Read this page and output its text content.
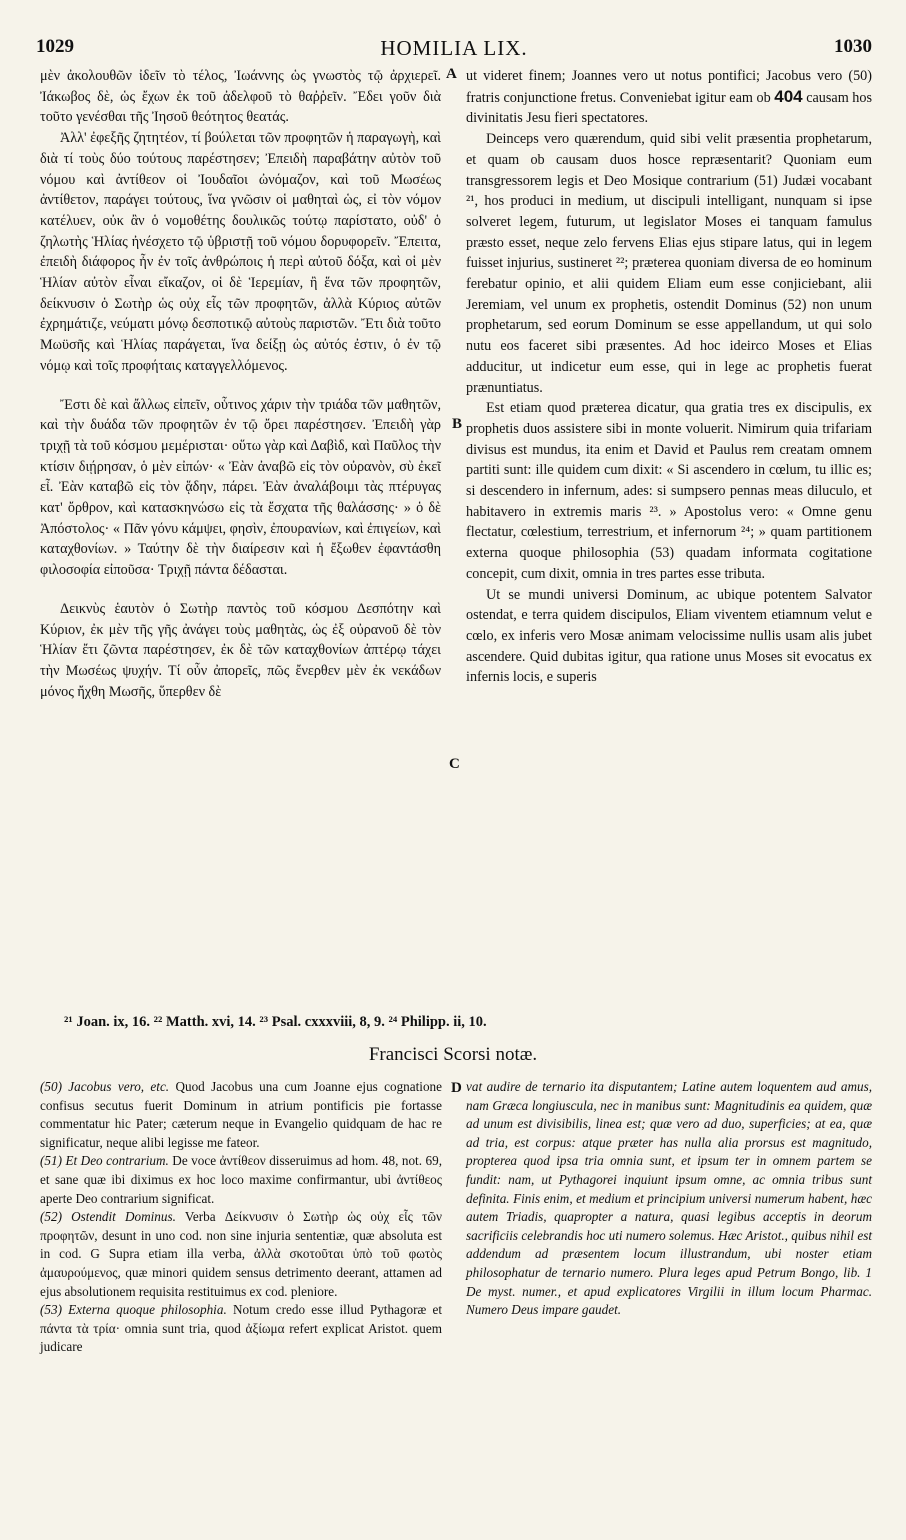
1029	HOMILIA LIX.	1030

μὲν ἀκολουθῶν ἰδεῖν τὸ τέλος, Ἰωάννης ὡς γνωστὸς τῷ ἀρχιερεῖ. Ἰάκωβος δὲ, ὡς ἔχων ἐκ τοῦ ἀδελφοῦ τὸ θαῤῥεῖν. Ἔδει γοῦν διὰ τοῦτο γενέσθαι τῆς Ἰησοῦ θεότητος θεατάς.

Ἀλλ' ἐφεξῆς ζητητέον, τί βούλεται τῶν προφητῶν ἡ παραγωγὴ, καὶ διὰ τί τοὺς δύο τούτους παρέστησεν; Ἐπειδὴ παραβάτην αὐτὸν τοῦ νόμου καὶ ἀντίθεον οἱ Ἰουδαῖοι ὠνόμαζον, καὶ τοῦ Μωσέως ἀντίθετον, παράγει τούτους, ἵνα γνῶσιν οἱ μαθηταὶ ὡς, εἰ τὸν νόμον κατέλυεν, οὐκ ἂν ὁ νομοθέτης δουλικῶς τούτῳ παρίστατο, οὐδ' ὁ ζηλωτὴς Ἡλίας ἠνέσχετο τῷ ὑβριστῇ τοῦ νόμου δορυφορεῖν. Ἔπειτα, ἐπειδὴ διάφορος ἦν ἐν τοῖς ἀνθρώποις ἡ περὶ αὐτοῦ δόξα, καὶ οἱ μὲν Ἡλίαν αὐτὸν εἶναι εἴκαζον, οἱ δὲ Ἱερεμίαν, ἢ ἕνα τῶν προφητῶν, δείκνυσιν ὁ Σωτὴρ ὡς οὐχ εἷς τῶν προφητῶν, ἀλλὰ Κύριος αὐτῶν ἐχρημάτιζε, νεύματι μόνῳ δεσποτικῷ αὐτοὺς παριστῶν. Ἔτι διὰ τοῦτο Μωϋσῆς καὶ Ἡλίας παράγεται, ἵνα δείξῃ ὡς αὐτός ἐστιν, ὁ ἐν τῷ νόμῳ καὶ τοῖς προφήταις καταγγελλόμενος.

Ἔστι δὲ καὶ ἄλλως εἰπεῖν, οὗτινος χάριν τὴν τριάδα τῶν μαθητῶν, καὶ τὴν δυάδα τῶν προφητῶν ἐν τῷ ὄρει παρέστησεν. Ἐπειδὴ γὰρ τριχῇ τὰ τοῦ κόσμου μεμέρισται· οὕτω γὰρ καὶ Δαβὶδ, καὶ Παῦλος τὴν κτίσιν διῄρησαν, ὁ μὲν εἰπών· « Ἐὰν ἀναβῶ εἰς τὸν οὐρανὸν, σὺ ἐκεῖ εἶ. Ἐὰν καταβῶ εἰς τὸν ᾅδην, πάρει. Ἐὰν ἀναλάβοιμι τὰς πτέρυγας κατ' ὄρθρον, καὶ κατασκηνώσω εἰς τὰ ἔσχατα τῆς θαλάσσης· » ὁ δὲ Ἀπόστολος· « Πᾶν γόνυ κάμψει, φησὶν, ἐπουρανίων, καὶ ἐπιγείων, καὶ καταχθονίων. » Ταύτην δὲ τὴν διαίρεσιν καὶ ἡ ἔξωθεν ἐφαντάσθη φιλοσοφία εἰποῦσα· Τριχῇ πάντα δέδασται.

Δεικνὺς ἑαυτὸν ὁ Σωτὴρ παντὸς τοῦ κόσμου Δεσπότην καὶ Κύριον, ἐκ μὲν τῆς γῆς ἀνάγει τοὺς μαθητὰς, ὡς ἐξ οὐρανοῦ δὲ τὸν Ἡλίαν ἔτι ζῶντα παρέστησεν, ἐκ δὲ τῶν καταχθονίων ἀπτέρῳ τάχει τὴν Μωσέως ψυχήν. Τί οὖν ἀπορεῖς, πῶς ἔνερθεν μὲν ἐκ νεκάδων μόνος ἤχθη Μωσῆς, ὕπερθεν δὲ

A
B
C
D

ut videret finem; Joannes vero ut notus pontifici; Jacobus vero (50) fratris conjunctione fretus. Conveniebat igitur eam ob 404 causam hos divinitatis Jesu fieri spectatores.

Deinceps vero quærendum, quid sibi velit præsentia prophetarum, et quam ob causam duos hosce repræsentarit? Quoniam eum transgressorem legis et Deo Mosique contrarium (51) Judæi vocabant ²¹, hos produci in medium, ut discipuli intelligant, nunquam si ipse solveret legem, futurum, ut legislator Moses ei tanquam famulus præsto esset, neque zelo fervens Elias ejus stipare latus, qui in legem fuisset injurius, sustineret ²²; præterea quoniam diversa de eo hominum ferebatur opinio, et alii quidem Eliam eum esse conjiciebant, alii Jeremiam, vel unum ex prophetis, ostendit Dominus (52) non unum prophetarum, sed eorum Dominum se esse appellandum, ut qui solo nutu eos faceret sibi præsentes. Ad hoc ideirco Moses et Elias adducitur, ut indicetur eum esse, qui in lege ac prophetis fuerat prænuntiatus.

Est etiam quod præterea dicatur, qua gratia tres ex discipulis, ex prophetis duos assistere sibi in monte voluerit. Nimirum quia trifariam divisus est mundus, ita enim et David et Paulus rem creatam omnem partiti sunt: ille quidem cum dixit: « Si ascendero in cœlum, tu illic es; si descendero in infernum, ades: si sumpsero pennas meas diluculo, et habitavero in extremis maris ²³. » Apostolus vero: « Omne genu flectatur, cœlestium, terrestrium, et infernorum ²⁴; » quam partitionem externa quoque philosophia (53) quadam informata cogitatione concepit, cum dixit, omnia in tres partes esse tributa.

Ut se mundi universi Dominum, ac ubique potentem Salvator ostendat, e terra quidem discipulos, Eliam viventem etiamnum velut e cœlo, ex inferis vero Mosæ animam velocissime nullis usam alis jubet ascendere. Quid dubitas igitur, qua ratione unus Moses sit evocatus ex infernis locis, e superis

²¹ Joan. ix, 16. ²² Matth. xvi, 14. ²³ Psal. cxxxviii, 8, 9. ²⁴ Philipp. ii, 10.
Francisci Scorsi notæ.

(50) Jacobus vero, etc. Quod Jacobus una cum Joanne ejus cognatione confisus secutus fuerit Dominum in atrium pontificis pie fortasse commentatur hic Pater; cæterum neque in Evangelio quidquam de hac re significatur, neque alibi legisse me fateor.

(51) Et Deo contrarium. De voce ἀντίθεον disseruimus ad hom. 48, not. 69, et sane quæ ibi diximus ex hoc loco maxime confirmantur, ubi ἀντίθεος aperte Deo contrarium significat.

(52) Ostendit Dominus. Verba Δείκνυσιν ὁ Σωτὴρ ὡς οὐχ εἷς τῶν προφητῶν, desunt in uno cod. non sine injuria sententiæ, quæ absoluta est in cod. G Supra etiam illa verba, ἀλλὰ σκοτοῦται ὑπὸ τοῦ φωτὸς ἀμαυρούμενος, quæ minori quidem sensus detrimento deerant, attamen ad ejus absolutionem requisita restituimus ex cod. pleniore.

(53) Externa quoque philosophia. Notum credo esse illud Pythagoræ et πάντα τὰ τρία· omnia sunt tria, quod ἀξίωμα refert explicat Aristot. quem judicare

vat audire de ternario ita disputantem; Latine autem loquentem aud amus, nam Græca longiuscula, nec in manibus sunt: Magnitudinis ea quidem, quæ ad unum est divisibilis, linea est; quæ vero ad duo, superficies; at ea, quæ ad tria, est corpus: atque præter has nulla alia prorsus est magnitudo, propterea quod ipsa tria omnia sunt, et ipsum ter in omnem partem se fundit: nam, ut Pythagorei inquiunt ipsum omne, ac omnia tribus sunt definita. Finis enim, et medium et principium universi numerum habent, hæc autem Triadis, quapropter a natura, quasi legibus acceptis in deorum sacrificiis celebrandis hoc uti numero solemus. Hæc Aristot., quibus nihil est addendum ad præsentem locum illustrandum, ubi noster etiam philosophatur de ternario numero. Plura leges apud Petrum Bongo, lib. 1 De myst. numer., et apud explicatores Virgilii in illum locum Pharmac. Numero Deus impare gaudet.
